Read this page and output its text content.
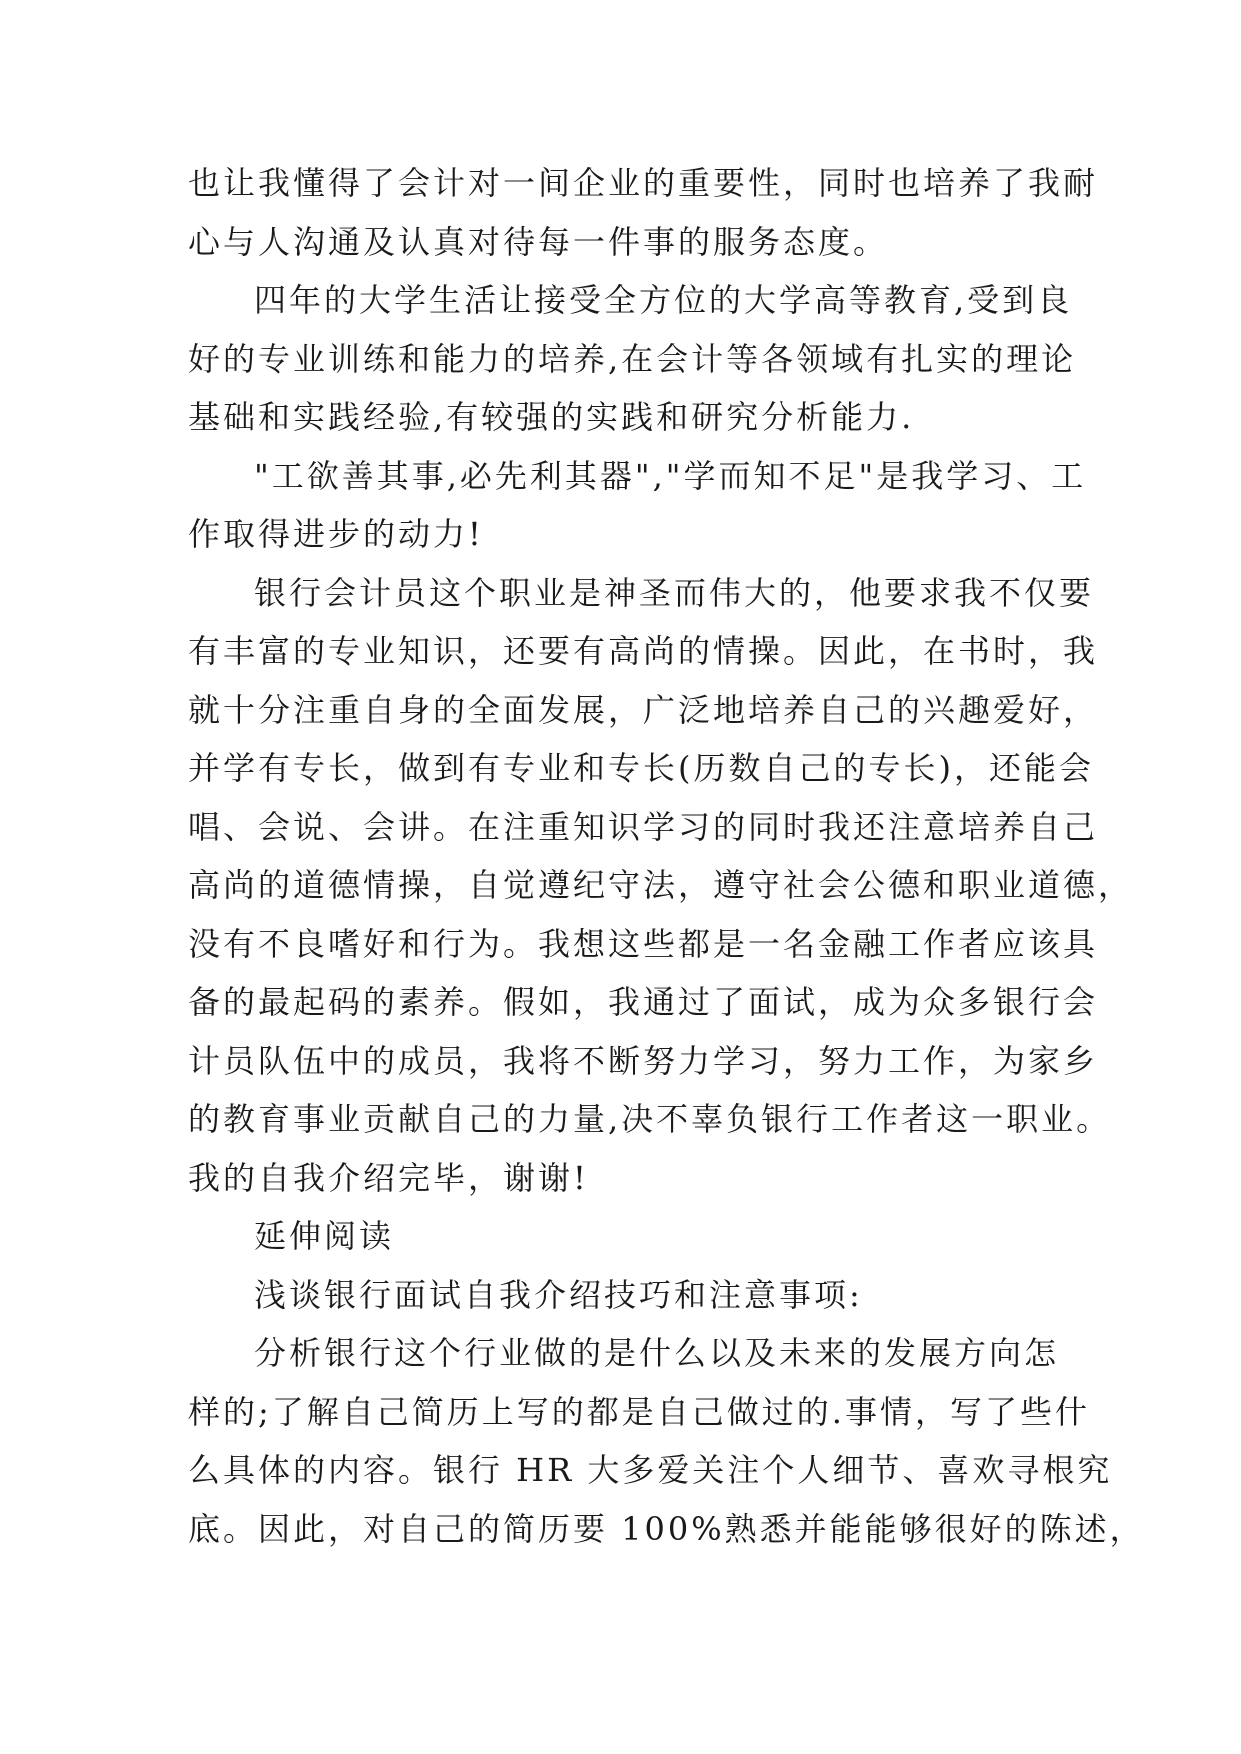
也让我懂得了会计对一间企业的重要性，同时也培养了我耐
心与人沟通及认真对待每一件事的服务态度。
四年的大学生活让接受全方位的大学高等教育,受到良
好的专业训练和能力的培养,在会计等各领域有扎实的理论
基础和实践经验,有较强的实践和研究分析能力.
"工欲善其事,必先利其器","学而知不足"是我学习、工
作取得进步的动力!
银行会计员这个职业是神圣而伟大的，他要求我不仅要
有丰富的专业知识，还要有高尚的情操。因此，在书时，我
就十分注重自身的全面发展，广泛地培养自己的兴趣爱好，
并学有专长，做到有专业和专长(历数自己的专长)，还能会
唱、会说、会讲。在注重知识学习的同时我还注意培养自己
高尚的道德情操，自觉遵纪守法，遵守社会公德和职业道德，
没有不良嗜好和行为。我想这些都是一名金融工作者应该具
备的最起码的素养。假如，我通过了面试，成为众多银行会
计员队伍中的成员，我将不断努力学习，努力工作，为家乡
的教育事业贡献自己的力量,决不辜负银行工作者这一职业。
我的自我介绍完毕，谢谢!
延伸阅读
浅谈银行面试自我介绍技巧和注意事项:
分析银行这个行业做的是什么以及未来的发展方向怎
样的;了解自己简历上写的都是自己做过的.事情，写了些什
么具体的内容。银行 HR 大多爱关注个人细节、喜欢寻根究
底。因此，对自己的简历要 100%熟悉并能能够很好的陈述，
